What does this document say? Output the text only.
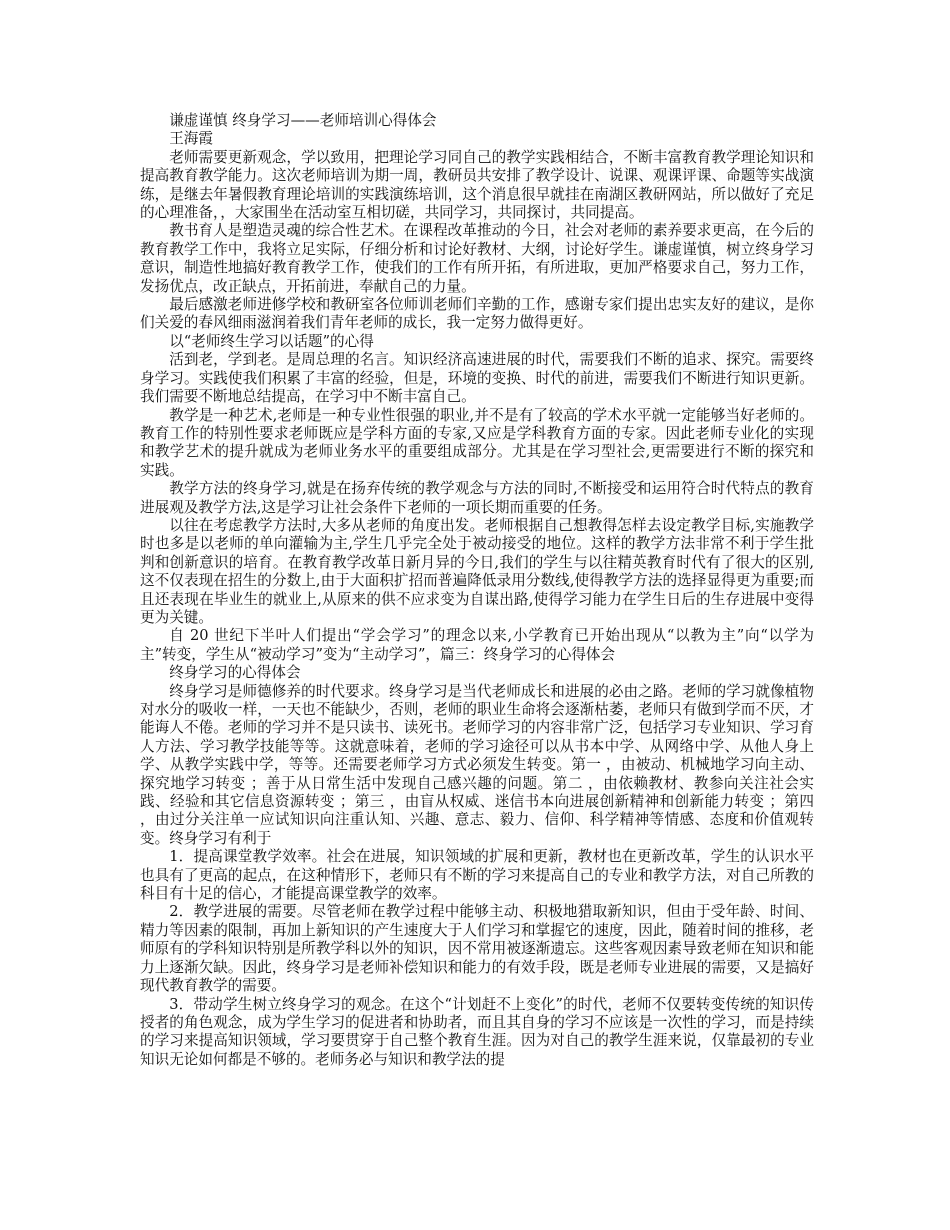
谦虚谨慎 终身学习——老师培训心得体会

王海霞

老师需要更新观念，学以致用，把理论学习同自己的教学实践相结合，不断丰富教育教学理论知识和提高教育教学能力。这次老师培训为期一周，教研员共安排了教学设计、说课、观课评课、命题等实战演练，是继去年暑假教育理论培训的实践演练培训，这个消息很早就挂在南湖区教研网站，所以做好了充足的心理准备，，大家围坐在活动室互相切磋，共同学习，共同探讨，共同提高。

教书育人是塑造灵魂的综合性艺术。在课程改革推动的今日，社会对老师的素养要求更高，在今后的教育教学工作中，我将立足实际，仔细分析和讨论好教材、大纲，讨论好学生。谦虚谨慎，树立终身学习意识，制造性地搞好教育教学工作，使我们的工作有所开拓，有所进取，更加严格要求自己，努力工作，发扬优点，改正缺点，开拓前进，奉献自己的力量。

最后感激老师进修学校和教研室各位师训老师们辛勤的工作，感谢专家们提出忠实友好的建议，是你们关爱的春风细雨滋润着我们青年老师的成长，我一定努力做得更好。

以“老师终生学习以话题”的心得

活到老，学到老。是周总理的名言。知识经济高速进展的时代，需要我们不断的追求、探究。需要终身学习。实践使我们积累了丰富的经验，但是，环境的变换、时代的前进，需要我们不断进行知识更新。我们需要不断地总结提高，在学习中不断丰富自己。

教学是一种艺术,老师是一种专业性很强的职业,并不是有了较高的学术水平就一定能够当好老师的。教育工作的特别性要求老师既应是学科方面的专家,又应是学科教育方面的专家。因此老师专业化的实现和教学艺术的提升就成为老师业务水平的重要组成部分。尤其是在学习型社会,更需要进行不断的探究和实践。

教学方法的终身学习,就是在扬弃传统的教学观念与方法的同时,不断接受和运用符合时代特点的教育进展观及教学方法,这是学习让社会条件下老师的一项长期而重要的任务。

以往在考虑教学方法时,大多从老师的角度出发。老师根据自己想教得怎样去设定教学目标,实施教学时也多是以老师的单向灌输为主,学生几乎完全处于被动接受的地位。这样的教学方法非常不利于学生批判和创新意识的培育。在教育教学改革日新月异的今日,我们的学生与以往精英教育时代有了很大的区别,这不仅表现在招生的分数上,由于大面积扩招而普遍降低录用分数线,使得教学方法的选择显得更为重要;而且还表现在毕业生的就业上,从原来的供不应求变为自谋出路,使得学习能力在学生日后的生存进展中变得更为关键。

自 20 世纪下半叶人们提出“学会学习”的理念以来,小学教育已开始出现从“以教为主”向“以学为主”转变，学生从“被动学习”变为“主动学习”，篇三：终身学习的心得体会

终身学习的心得体会

终身学习是师德修养的时代要求。终身学习是当代老师成长和进展的必由之路。老师的学习就像植物对水分的吸收一样，一天也不能缺少，否则，老师的职业生命将会逐渐枯萎，老师只有做到学而不厌，才能诲人不倦。老师的学习并不是只读书、读死书。老师学习的内容非常广泛，包括学习专业知识、学习育人方法、学习教学技能等等。这就意味着，老师的学习途径可以从书本中学、从网络中学、从他人身上学、从教学实践中学，等等。还需要老师学习方式必须发生转变。第一 ，由被动、机械地学习向主动、探究地学习转变 ；善于从日常生活中发现自己感兴趣的问题。第二 ，由依赖教材、教参向关注社会实践、经验和其它信息资源转变 ；第三 ，由盲从权威、迷信书本向进展创新精神和创新能力转变 ；第四 ，由过分关注单一应试知识向注重认知、兴趣、意志、毅力、信仰、科学精神等情感、态度和价值观转变。终身学习有利于

1．提高课堂教学效率。社会在进展，知识领域的扩展和更新，教材也在更新改革，学生的认识水平也具有了更高的起点，在这种情形下，老师只有不断的学习来提高自己的专业和教学方法，对自己所教的科目有十足的信心，才能提高课堂教学的效率。

2．教学进展的需要。尽管老师在教学过程中能够主动、积极地猎取新知识，但由于受年龄、时间、精力等因素的限制，再加上新知识的产生速度大于人们学习和掌握它的速度，因此，随着时间的推移，老师原有的学科知识特别是所教学科以外的知识，因不常用被逐渐遗忘。这些客观因素导致老师在知识和能力上逐渐欠缺。因此，终身学习是老师补偿知识和能力的有效手段，既是老师专业进展的需要，又是搞好现代教育教学的需要。

3．带动学生树立终身学习的观念。在这个“计划赶不上变化”的时代，老师不仅要转变传统的知识传授者的角色观念，成为学生学习的促进者和协助者，而且其自身的学习不应该是一次性的学习，而是持续的学习来提高知识领域，学习要贯穿于自己整个教育生涯。因为对自己的教学生涯来说，仅靠最初的专业知识无论如何都是不够的。老师务必与知识和教学法的提
